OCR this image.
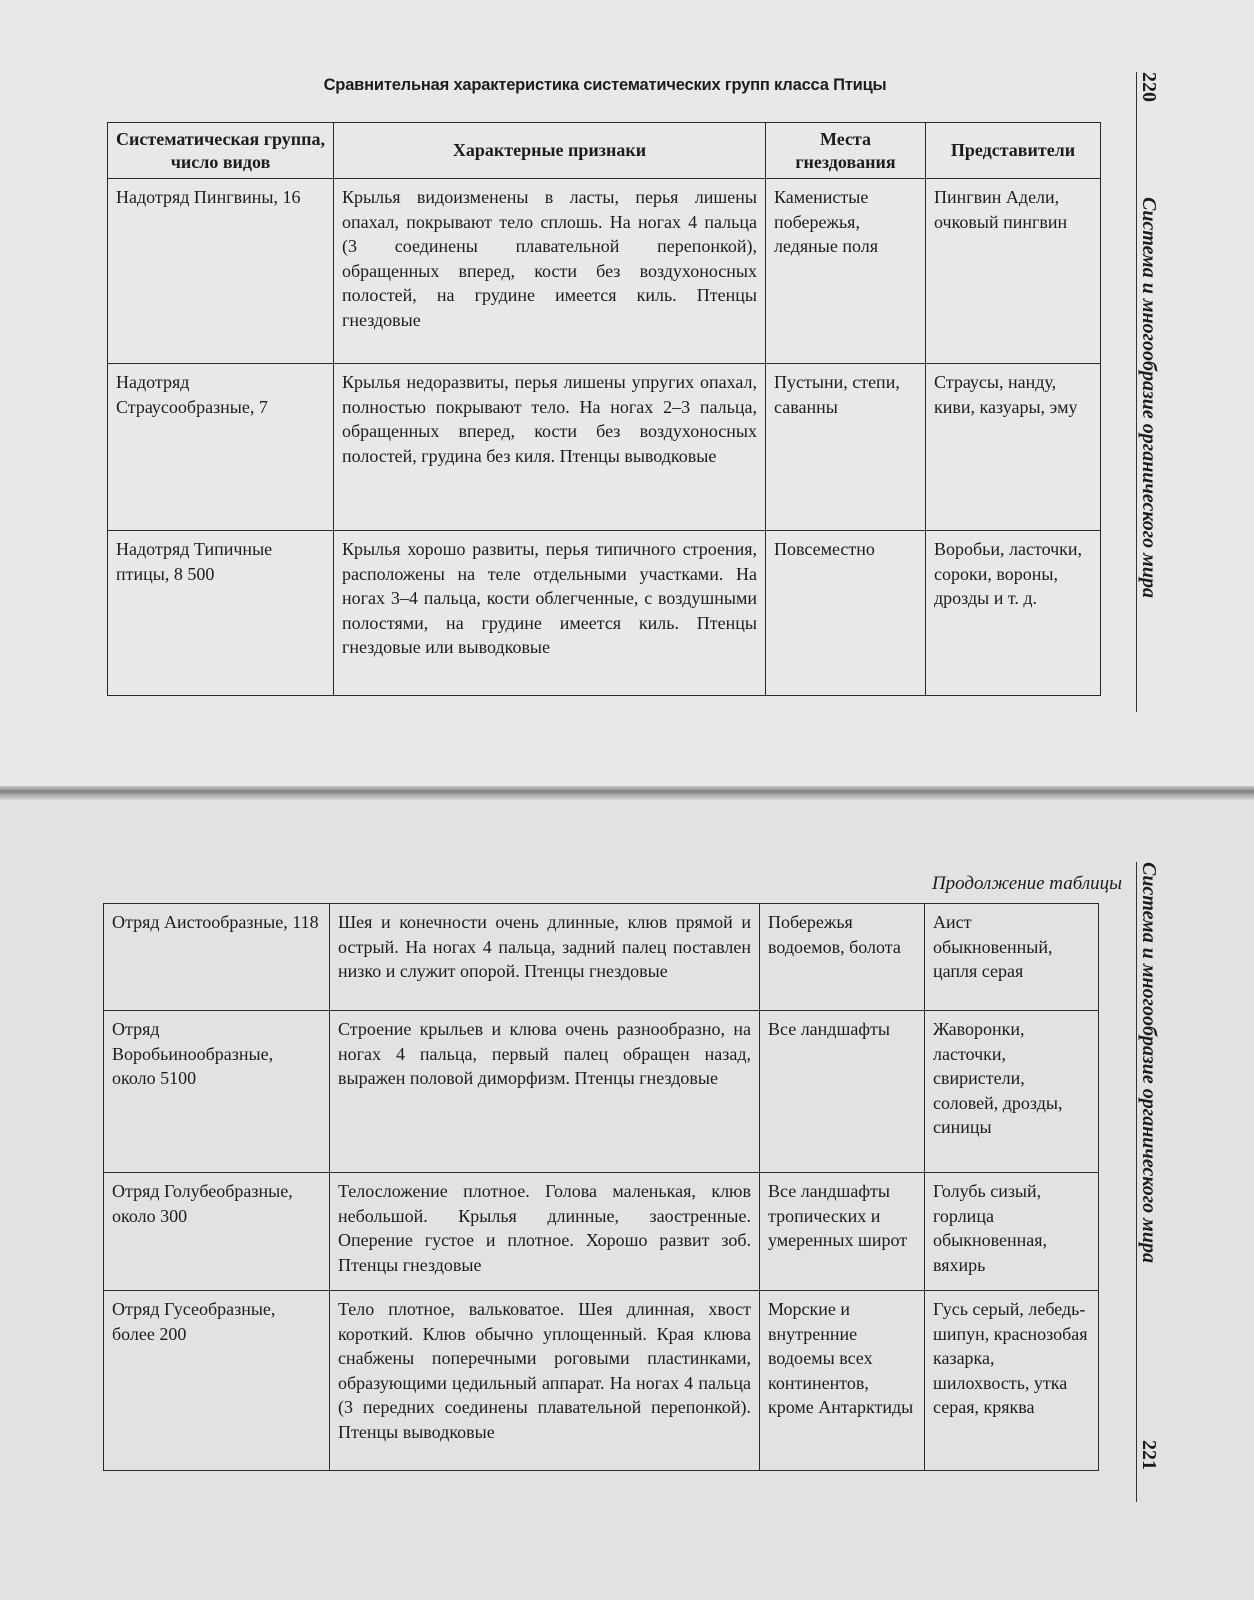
Сравнительная характеристика систематических групп класса Птицы
Систематическая группа, число видов	Характерные признаки	Места гнездования	Представители
Надотряд Пингвины, 16	Крылья видоизменены в ласты, перья лишены опахал, покрывают тело сплошь. На ногах 4 пальца (3 соединены плавательной перепонкой), обращенных вперед, кости без воздухоносных полостей, на грудине имеется киль. Птенцы гнездовые	Каменистые побережья, ледяные поля	Пингвин Адели, очковый пингвин
Надотряд Страусообразные, 7	Крылья недоразвиты, перья лишены упругих опахал, полностью покрывают тело. На ногах 2–3 пальца, обращенных вперед, кости без воздухоносных полостей, грудина без киля. Птенцы выводковые	Пустыни, степи, саванны	Страусы, нанду, киви, казуары, эму
Надотряд Типичные птицы, 8 500	Крылья хорошо развиты, перья типичного строения, расположены на теле отдельными участками. На ногах 3–4 пальца, кости облегченные, с воздушными полостями, на грудине имеется киль. Птенцы гнездовые или выводковые	Повсеместно	Воробьи, ласточки, сороки, вороны, дрозды и т. д.
Продолжение таблицы
Отряд Аистообразные, 118	Шея и конечности очень длинные, клюв прямой и острый. На ногах 4 пальца, задний палец поставлен низко и служит опорой. Птенцы гнездовые	Побережья водоемов, болота	Аист обыкновенный, цапля серая
Отряд Воробьинообразные, около 5100	Строение крыльев и клюва очень разнообразно, на ногах 4 пальца, первый палец обращен назад, выражен половой диморфизм. Птенцы гнездовые	Все ландшафты	Жаворонки, ласточки, свиристели, соловей, дрозды, синицы
Отряд Голубеобразные, около 300	Телосложение плотное. Голова маленькая, клюв небольшой. Крылья длинные, заостренные. Оперение густое и плотное. Хорошо развит зоб. Птенцы гнездовые	Все ландшафты тропических и умеренных широт	Голубь сизый, горлица обыкновенная, вяхирь
Отряд Гусеобразные, более 200	Тело плотное, вальковатое. Шея длинная, хвост короткий. Клюв обычно уплощенный. Края клюва снабжены поперечными роговыми пластинками, образующими цедильный аппарат. На ногах 4 пальца (3 передних соединены плавательной перепонкой). Птенцы выводковые	Морские и внутренние водоемы всех континентов, кроме Антарктиды	Гусь серый, лебедь-шипун, краснозобая казарка, шилохвость, утка серая, кряква
220
Система и многообразие органического мира

Система и многообразие органического мира
221
